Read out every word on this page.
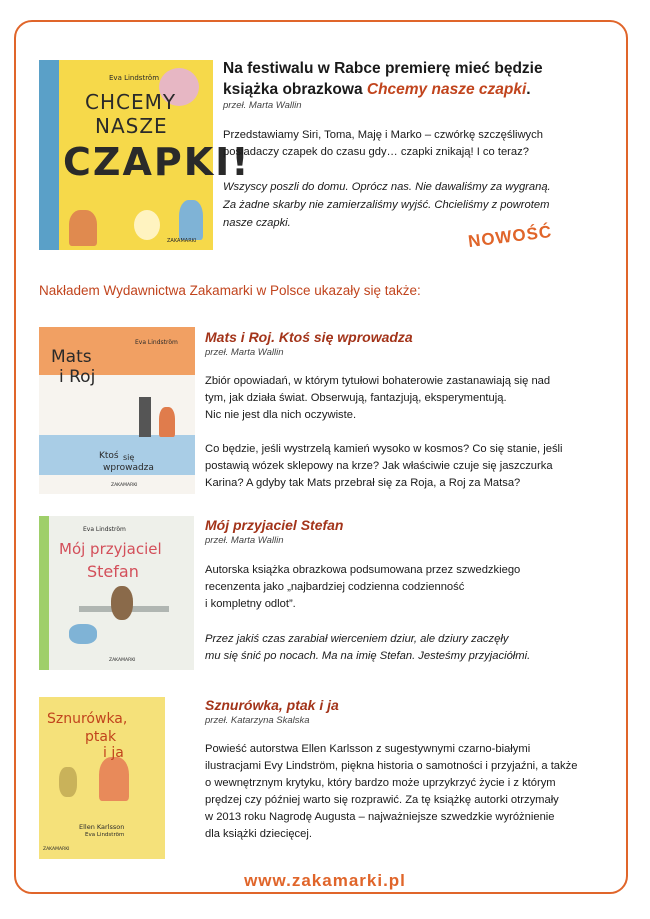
Eva Lindström
CHCEMY
NASZE
CZAPKI!
ZAKAMARKI
Na festiwalu w Rabce premierę mieć będzie
książka obrazkowa Chcemy nasze czapki.
przeł. Marta Wallin
Przedstawiamy Siri, Toma, Maję i Marko – czwórkę szczęśliwych
posiadaczy czapek do czasu gdy… czapki znikają! I co teraz?
Wszyscy poszli do domu. Oprócz nas. Nie dawaliśmy za wygraną.
Za żadne skarby nie zamierzaliśmy wyjść. Chcieliśmy z powrotem
nasze czapki.	NOWOŚĆ
Nakładem Wydawnictwa Zakamarki w Polsce ukazały się także:
Eva Lindström
Mats
i Roj
Ktoś się
wprowadza
ZAKAMARKI
Mats i Roj. Ktoś się wprowadza
przeł. Marta Wallin
Zbiór opowiadań, w którym tytułowi bohaterowie zastanawiają się nad
tym, jak działa świat. Obserwują, fantazjują, eksperymentują.
Nic nie jest dla nich oczywiste.
Co będzie, jeśli wystrzelą kamień wysoko w kosmos? Co się stanie, jeśli
postawią wózek sklepowy na krze? Jak właściwie czuje się jaszczurka
Karina? A gdyby tak Mats przebrał się za Roja, a Roj za Matsa?
Eva Lindström
Mój przyjaciel
Stefan
ZAKAMARKI
Mój przyjaciel Stefan
przeł. Marta Wallin
Autorska książka obrazkowa podsumowana przez szwedzkiego
recenzenta jako „najbardziej codzienna codzienność
i kompletny odlot”.
Przez jakiś czas zarabiał wierceniem dziur, ale dziury zaczęły
mu się śnić po nocach. Ma na imię Stefan. Jesteśmy przyjaciółmi.
Sznurówka,
ptak
i ja
Ellen Karlsson
Eva Lindström
ZAKAMARKI
Sznurówka, ptak i ja
przeł. Katarzyna Skalska
Powieść autorstwa Ellen Karlsson z sugestywnymi czarno-białymi
ilustracjami Evy Lindström, piękna historia o samotności i przyjaźni, a także
o wewnętrznym krytyku, który bardzo może uprzykrzyć życie i z którym
prędzej czy później warto się rozprawić. Za tę książkę autorki otrzymały
w 2013 roku Nagrodę Augusta – najważniejsze szwedzkie wyróżnienie
dla książki dziecięcej.
www.zakamarki.pl
